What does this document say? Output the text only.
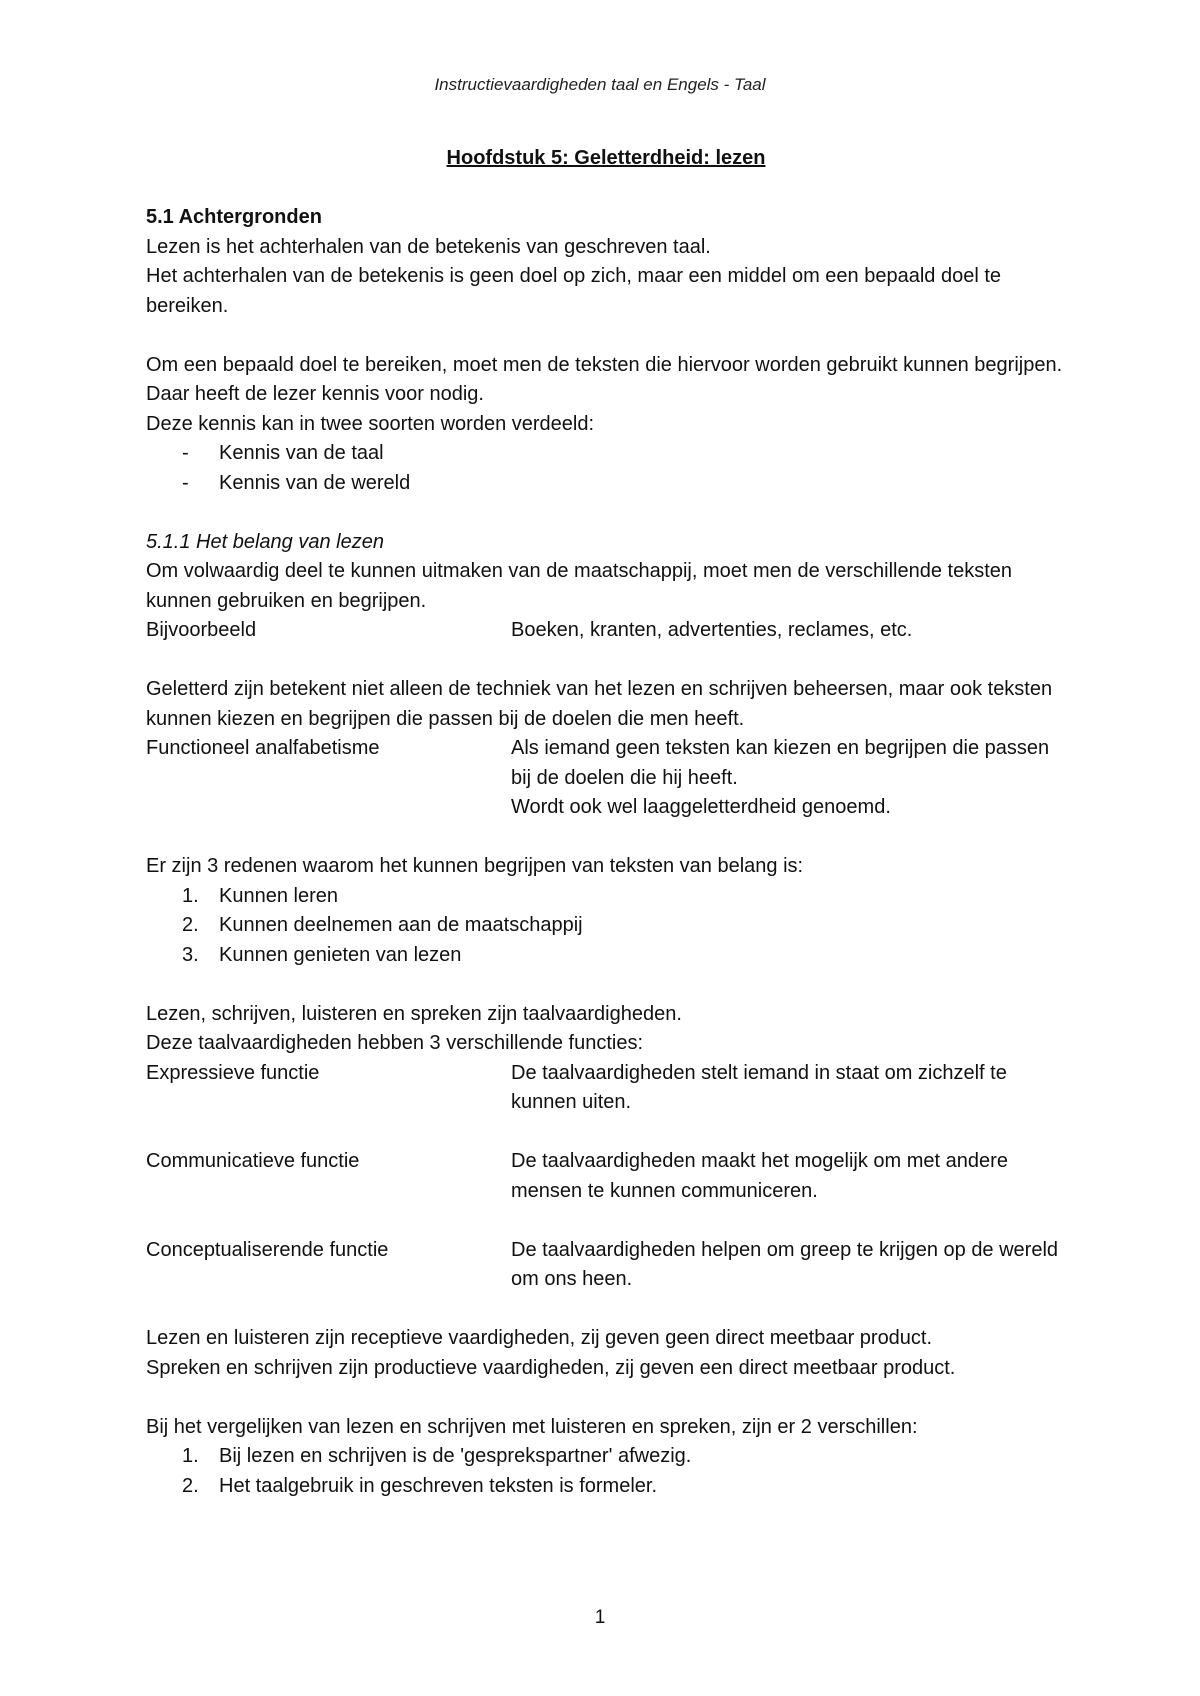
Instructievaardigheden taal en Engels - Taal

Hoofdstuk 5: Geletterdheid: lezen

5.1 Achtergronden

Lezen is het achterhalen van de betekenis van geschreven taal.

Het achterhalen van de betekenis is geen doel op zich, maar een middel om een bepaald doel te bereiken.

Om een bepaald doel te bereiken, moet men de teksten die hiervoor worden gebruikt kunnen begrijpen. Daar heeft de lezer kennis voor nodig.

Deze kennis kan in twee soorten worden verdeeld:

-	Kennis van de taal
-	Kennis van de wereld

5.1.1 Het belang van lezen

Om volwaardig deel te kunnen uitmaken van de maatschappij, moet men de verschillende teksten kunnen gebruiken en begrijpen.

Bijvoorbeeld	Boeken, kranten, advertenties, reclames, etc.

Geletterd zijn betekent niet alleen de techniek van het lezen en schrijven beheersen, maar ook teksten kunnen kiezen en begrijpen die passen bij de doelen die men heeft.

Functioneel analfabetisme	Als iemand geen teksten kan kiezen en begrijpen die passen bij de doelen die hij heeft.
Wordt ook wel laaggeletterdheid genoemd.

Er zijn 3 redenen waarom het kunnen begrijpen van teksten van belang is:

1.	Kunnen leren
2.	Kunnen deelnemen aan de maatschappij
3.	Kunnen genieten van lezen

Lezen, schrijven, luisteren en spreken zijn taalvaardigheden.

Deze taalvaardigheden hebben 3 verschillende functies:

Expressieve functie	De taalvaardigheden stelt iemand in staat om zichzelf te kunnen uiten.
Communicatieve functie	De taalvaardigheden maakt het mogelijk om met andere mensen te kunnen communiceren.
Conceptualiserende functie	De taalvaardigheden helpen om greep te krijgen op de wereld om ons heen.

Lezen en luisteren zijn receptieve vaardigheden, zij geven geen direct meetbaar product.

Spreken en schrijven zijn productieve vaardigheden, zij geven een direct meetbaar product.

Bij het vergelijken van lezen en schrijven met luisteren en spreken, zijn er 2 verschillen:

1.	Bij lezen en schrijven is de 'gesprekspartner' afwezig.
2.	Het taalgebruik in geschreven teksten is formeler.
1
